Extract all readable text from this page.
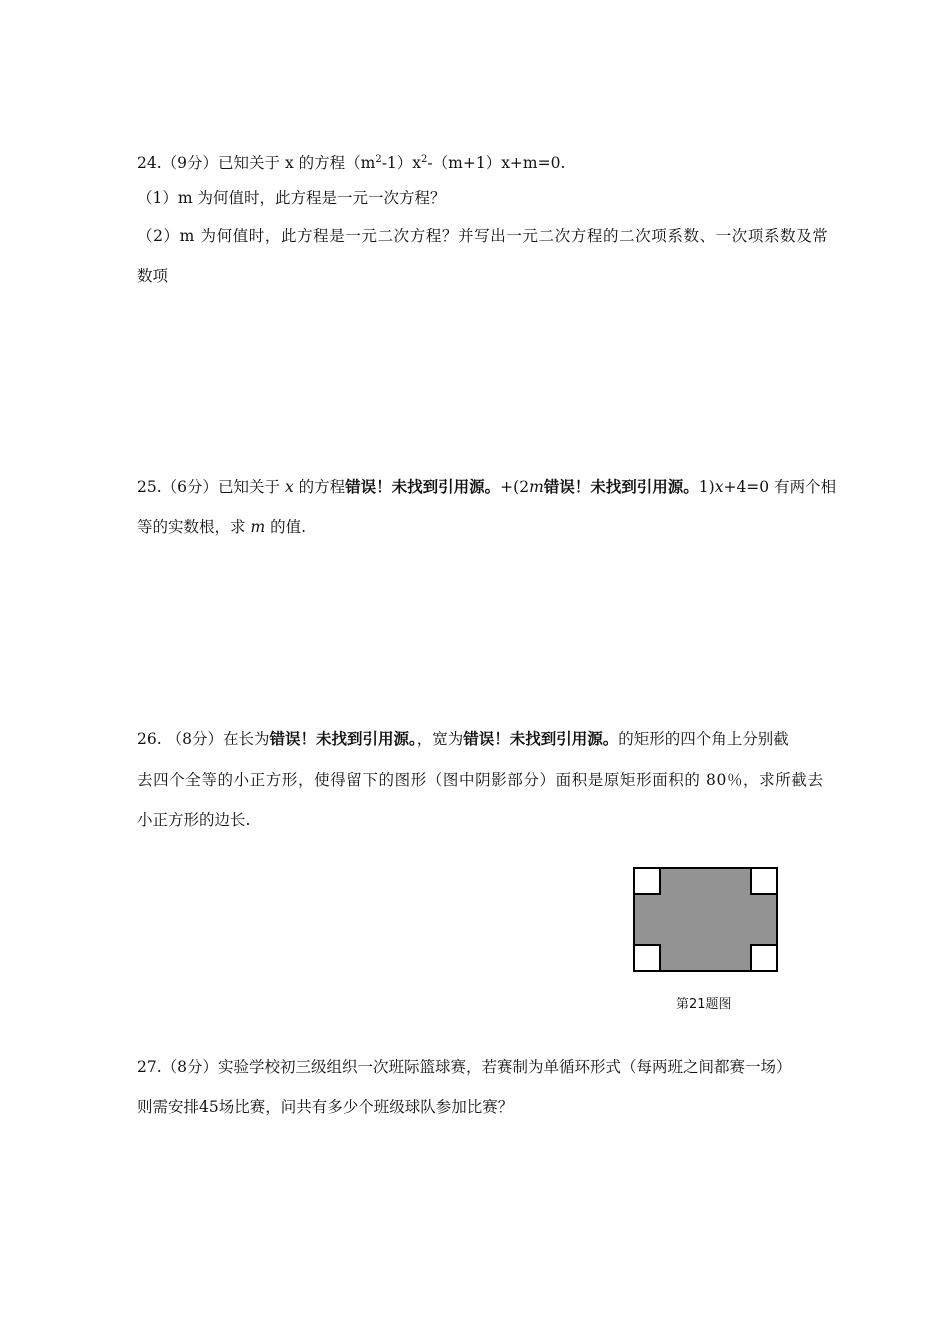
24.（9分）已知关于 x 的方程$(m^2-1)x^2-(m+1)x+m=0$.
（1）m 为何值时，此方程是一元一次方程？
（2）m 为何值时，此方程是一元二次方程？并写出一元二次方程的二次项系数、一次项系数及常
数项
25.（6分）已知关于 x 的方程错误！未找到引用源。+(2m错误！未找到引用源。1)x+4=0 有两个相
等的实数根，求 m 的值.
26. （8分）在长为错误！未找到引用源。，宽为错误！未找到引用源。的矩形的四个角上分别截
去四个全等的小正方形，使得留下的图形（图中阴影部分）面积是原矩形面积的 80％，求所截去
小正方形的边长.
第21题图
27.（8分）实验学校初三级组织一次班际篮球赛，若赛制为单循环形式（每两班之间都赛一场）
则需安排45场比赛，问共有多少个班级球队参加比赛？
